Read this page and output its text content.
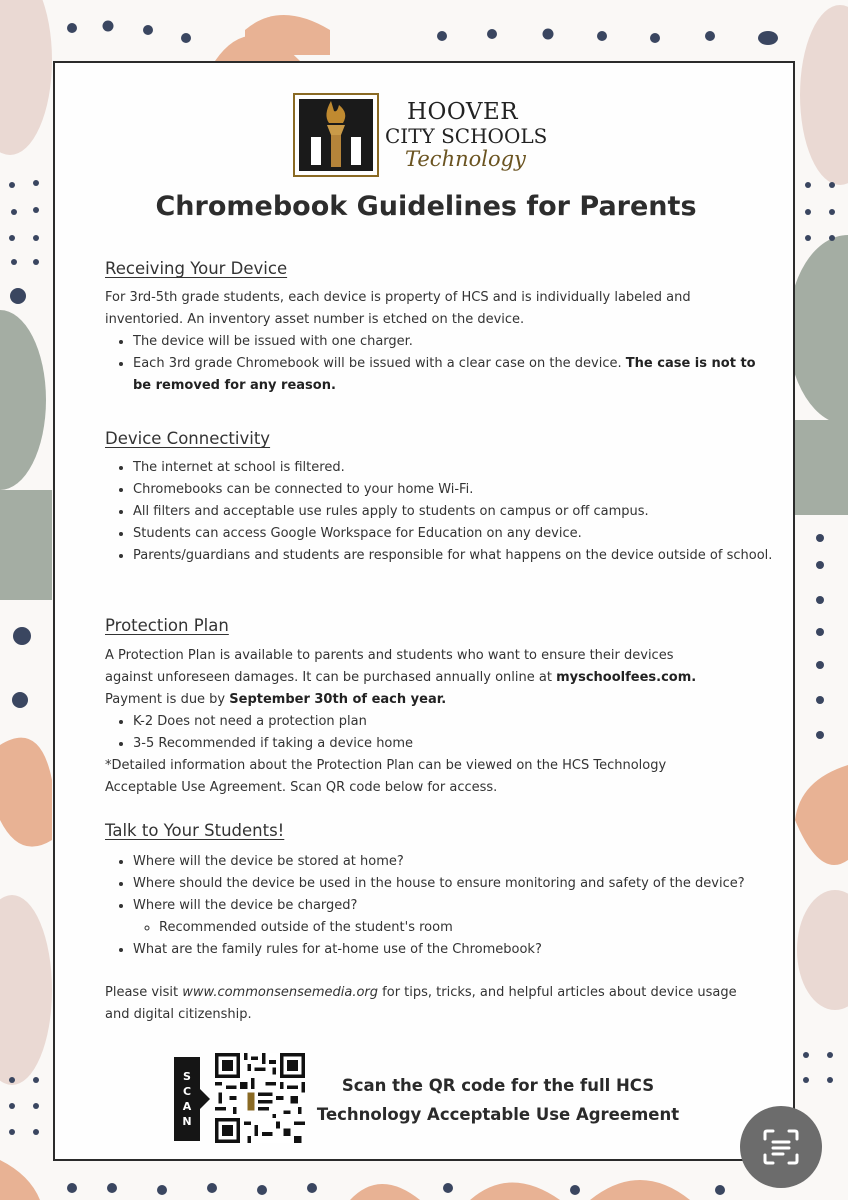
HOOVER
CITY SCHOOLS
Technology
Chromebook Guidelines for Parents
Receiving Your Device
For 3rd-5th grade students, each device is property of HCS and is individually labeled and
inventoried. An inventory asset number is etched on the device.
• The device will be issued with one charger.
• Each 3rd grade Chromebook will be issued with a clear case on the device. The case is not to be removed for any reason.
Device Connectivity
• The internet at school is filtered.
• Chromebooks can be connected to your home Wi-Fi.
• All filters and acceptable use rules apply to students on campus or off campus.
• Students can access Google Workspace for Education on any device.
• Parents/guardians and students are responsible for what happens on the device outside of school.
Protection Plan
A Protection Plan is available to parents and students who want to ensure their devices
against unforeseen damages. It can be purchased annually online at myschoolfees.com.
Payment is due by September 30th of each year.
• K-2 Does not need a protection plan
• 3-5 Recommended if taking a device home
*Detailed information about the Protection Plan can be viewed on the HCS Technology
Acceptable Use Agreement. Scan QR code below for access.
Talk to Your Students!
• Where will the device be stored at home?
• Where should the device be used in the house to ensure monitoring and safety of the device?
• Where will the device be charged?
◦ Recommended outside of the student's room
• What are the family rules for at-home use of the Chromebook?
Please visit www.commonsensemedia.org for tips, tricks, and helpful articles about device usage and digital citizenship.
S
C
A
N
Scan the QR code for the full HCS
Technology Acceptable Use Agreement
